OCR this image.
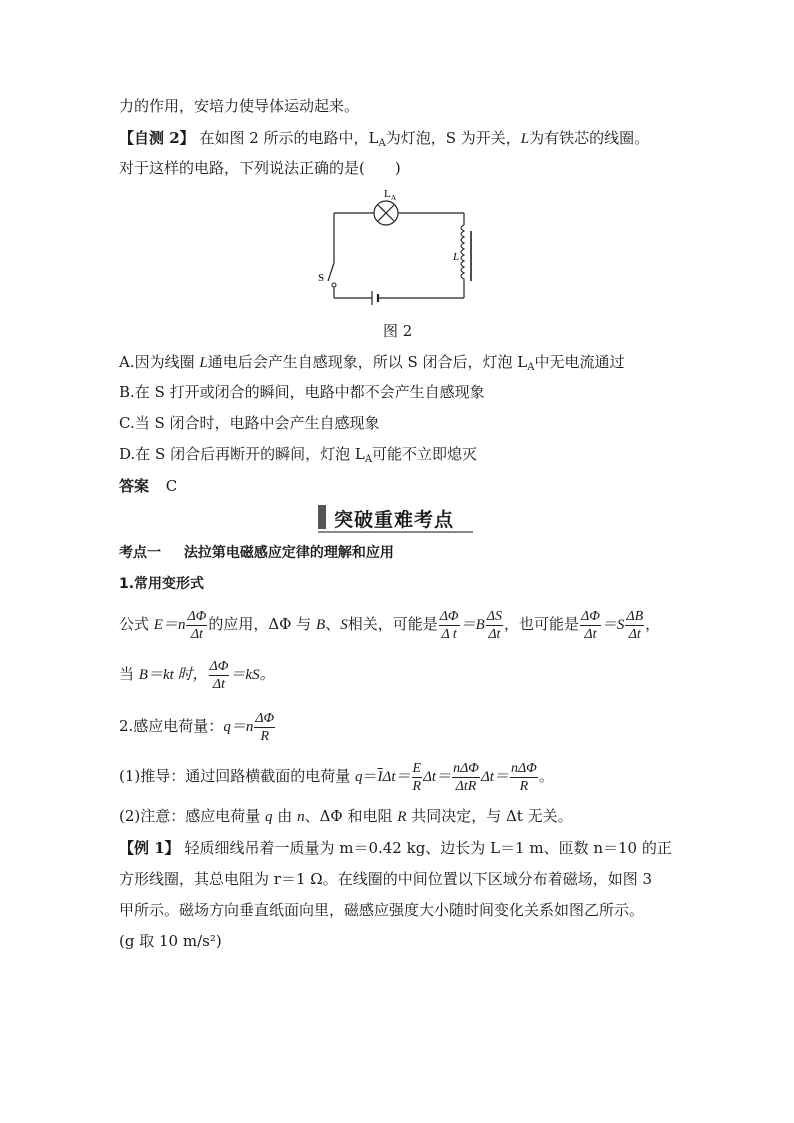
力的作用，安培力使导体运动起来。
【自测 2】 在如图 2 所示的电路中，$L_A$为灯泡，S 为开关，L为有铁芯的线圈。
对于这样的电路，下列说法正确的是(　　)
L A
L
S
图 2
A.因为线圈 L通电后会产生自感现象，所以 S 闭合后，灯泡 $L_A$中无电流通过
B.在 S 打开或闭合的瞬间，电路中都不会产生自感现象
C.当 S 闭合时，电路中会产生自感现象
D.在 S 闭合后再断开的瞬间，灯泡 $L_A$可能不立即熄灭
答案 C
突破重难考点
考点一 法拉第电磁感应定律的理解和应用
1.常用变形式
公式 $E=n \frac{\Delta\Phi}{\Delta t}$ 的应用，ΔΦ 与 B、S相关，可能是 $\frac{\Delta\Phi}{\text{Δ t}} =B \frac{\Delta S}{\Delta t}$ ，也可能是 $\frac{\Delta\Phi}{\Delta t} =S \frac{\Delta B}{\Delta t}$ ，
当 B＝kt 时， $\frac{\Delta\Phi}{\Delta t} =kS$。
2.感应电荷量：$q=n \frac{\Delta\Phi}{R}$
(1)推导：通过回路横截面的电荷量 $q=\overline{I}\Delta t= \frac{E}{R} \Delta t= \frac{\text{nΔΦ}}{\text{ΔtR}} \Delta t= \frac{\text{nΔΦ}}{R}$ 。
(2)注意：感应电荷量 q 由 n、ΔΦ 和电阻 R 共同决定，与 Δt 无关。
【例 1】 轻质细线吊着一质量为 m＝0.42 kg、边长为 L＝1 m、匝数 n＝10 的正
方形线圈，其总电阻为 r＝1 Ω。在线圈的中间位置以下区域分布着磁场，如图 3
甲所示。磁场方向垂直纸面向里，磁感应强度大小随时间变化关系如图乙所示。
(g 取 10 m/s²)
